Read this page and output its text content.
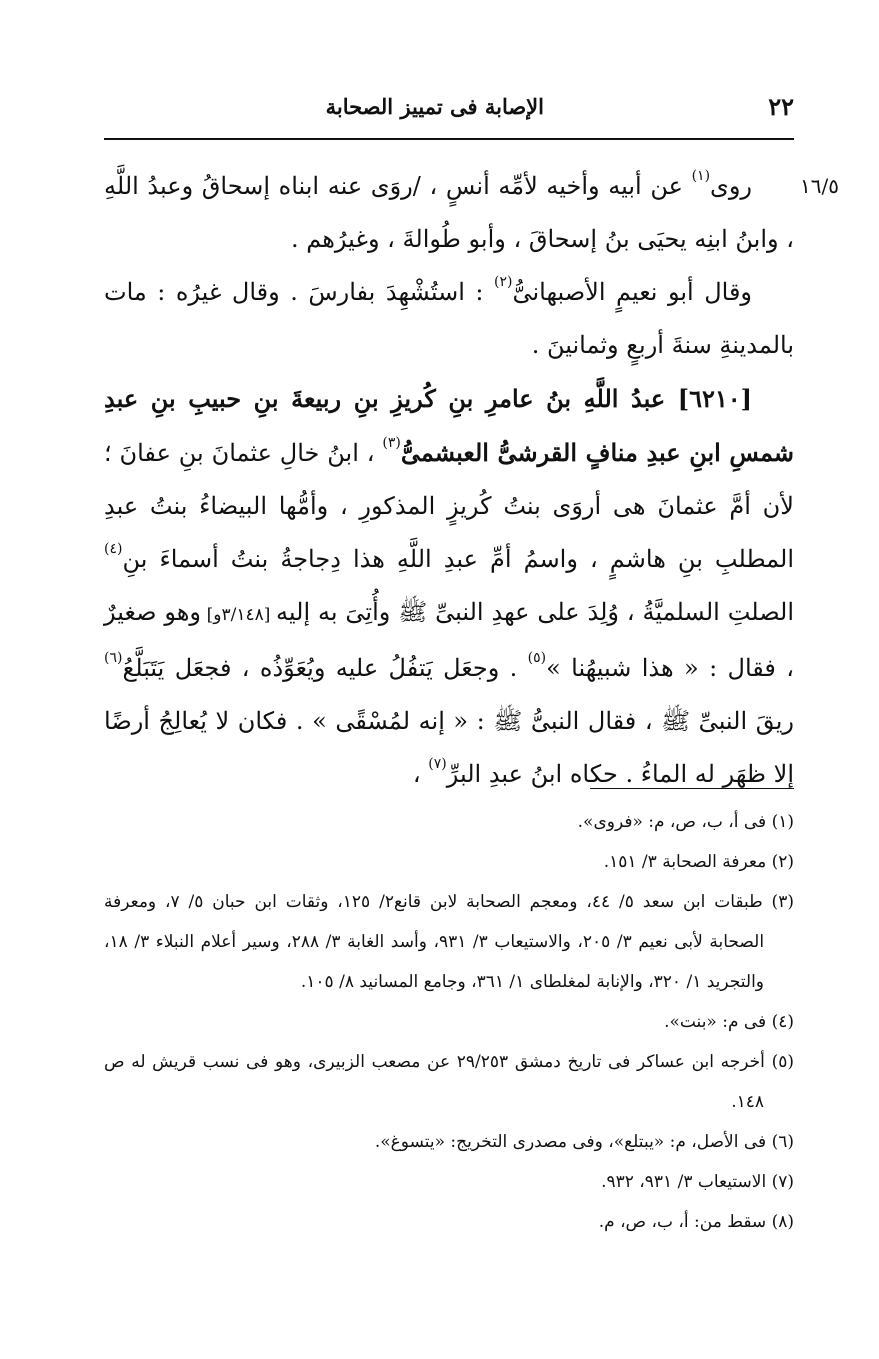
٢٢
الإصابة فى تمييز الصحابة
١٦/٥

روى$^{(١)}$ عن أبيه وأخيه لأمِّه أنسٍ ، /روَى عنه ابناه إسحاقُ وعبدُ اللَّهِ ، وابنُ ابنِه يحيَى بنُ إسحاقَ ، وأبو طُوالةَ ، وغيرُهم .

وقال أبو نعيمٍ الأصبهانىُّ$^{(٢)}$ : استُشْهِدَ بفارسَ . وقال غيرُه : مات بالمدينةِ سنةَ أربعٍ وثمانينَ .

[٦٢١٠] عبدُ اللَّهِ بنُ عامرِ بنِ كُريزِ بنِ ربيعةَ بنِ حبيبِ بنِ عبدِ شمسِ ابنِ عبدِ منافٍ القرشىُّ العبشمىُّ$^{(٣)}$ ، ابنُ خالِ عثمانَ بنِ عفانَ ؛ لأن أمَّ عثمانَ هى أروَى بنتُ كُريزٍ المذكورِ ، وأمُّها البيضاءُ بنتُ عبدِ المطلبِ بنِ هاشمٍ ، واسمُ أمِّ عبدِ اللَّهِ هذا دِجاجةُ بنتُ أسماءَ بنِ$^{(٤)}$ الصلتِ السلميَّةُ ، وُلِدَ على عهدِ النبىِّ ﷺ وأُتِىَ به إليه [٣/١٤٨و] وهو صغيرٌ ، فقال : « هذا شبيهُنا »$^{(٥)}$ . وجعَل يَتفُلُ عليه ويُعَوِّذُه ، فجعَل يَتَبَلَّعُ$^{(٦)}$ ريقَ النبىِّ ﷺ ، فقال النبىُّ ﷺ : « إنه لمُسْقًى » . فكان لا يُعالِجُ أرضًا إلا ظهَر له الماءُ . حكاه ابنُ عبدِ البرِّ$^{(٧)}$ ،

(١) فى أ، ب، ص، م: «فروى».

(٢) معرفة الصحابة ٣/ ١٥١.

(٣) طبقات ابن سعد ٥/ ٤٤، ومعجم الصحابة لابن قانع٢/ ١٢٥، وثقات ابن حبان ٥/ ٧، ومعرفة الصحابة لأبى نعيم ٣/ ٢٠٥، والاستيعاب ٣/ ٩٣١، وأسد الغابة ٣/ ٢٨٨، وسير أعلام النبلاء ٣/ ١٨، والتجريد ١/ ٣٢٠، والإنابة لمغلطاى ١/ ٣٦١، وجامع المسانيد ٨/ ١٠٥.

(٤) فى م: «بنت».

(٥) أخرجه ابن عساكر فى تاريخ دمشق ٢٩/٢٥٣ عن مصعب الزبيرى، وهو فى نسب قريش له ص ١٤٨.

(٦) فى الأصل، م: «يبتلع»، وفى مصدرى التخريج: «يتسوغ».

(٧) الاستيعاب ٣/ ٩٣١، ٩٣٢.

(٨) سقط من: أ، ب، ص، م.
